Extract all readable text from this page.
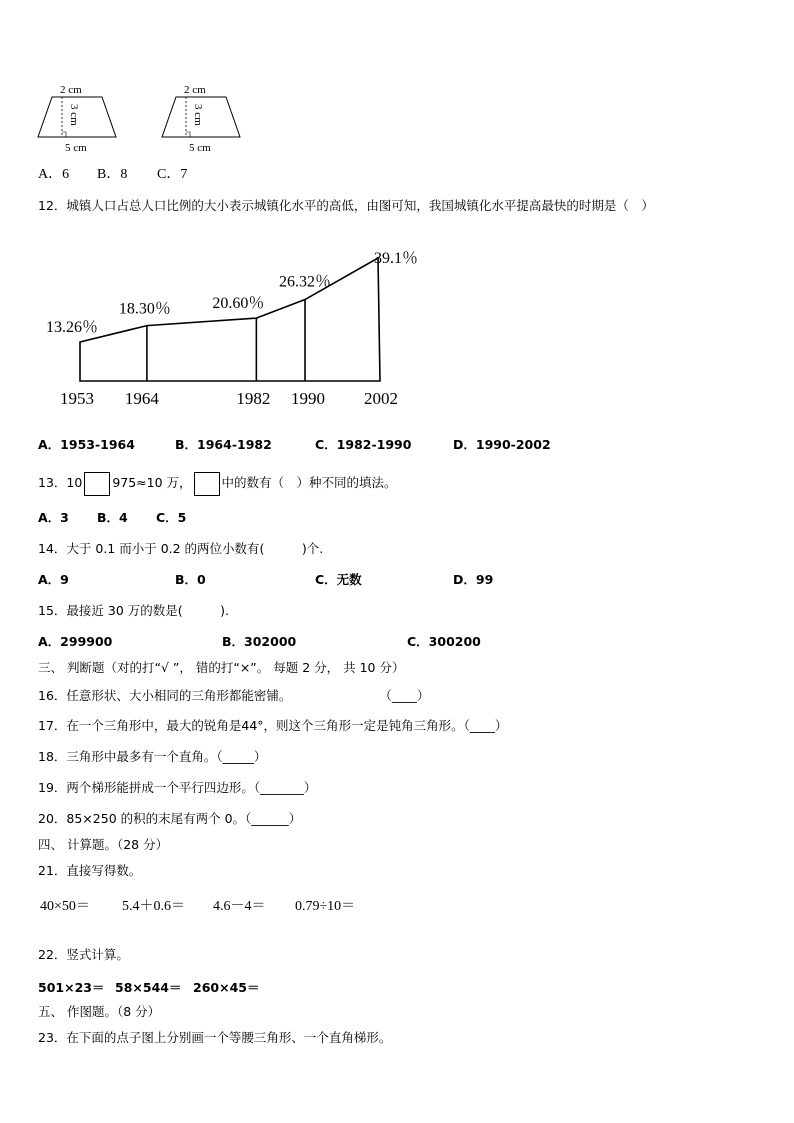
2 cm
3 cm
5 cm
2 cm
3 cm
5 cm
A．6 B．8 C．7
12．城镇人口占总人口比例的大小表示城镇化水平的高低，由图可知，我国城镇化水平提高最快的时期是（　）
13.26％
18.30％	20.60％
26.32％
39.1％
1953 1964	1982 1990 2002
A．1953-1964	B．1964-1982	C．1982-1990	D．1990-2002
13．10 975≈10 万， 中的数有（　）种不同的填法。
A．3 B．4 C．5
14．大于 0.1 而小于 0.2 的两位小数有(　　　)个.
A．9	B．0	C．无数	D．99
15．最接近 30 万的数是(　　　).
A．299900	B．302000	C．300200
三、 判断题（对的打“√ ”， 错的打“×”。 每题 2 分， 共 10 分）
16．任意形状、大小相同的三角形都能密铺。	（____）
17．在一个三角形中，最大的锐角是44°，则这个三角形一定是钝角三角形。（____）
18．三角形中最多有一个直角。（_____）
19．两个梯形能拼成一个平行四边形。（_______）
20．85×250 的积的末尾有两个 0。（______）
四、 计算题。（28 分）
21．直接写得数。
40×50＝ 5.4＋0.6＝ 4.6－4＝ 0.79÷10＝
22．竖式计算。
501×23＝ 58×544＝ 260×45＝
五、 作图题。（8 分）
23．在下面的点子图上分别画一个等腰三角形、一个直角梯形。
